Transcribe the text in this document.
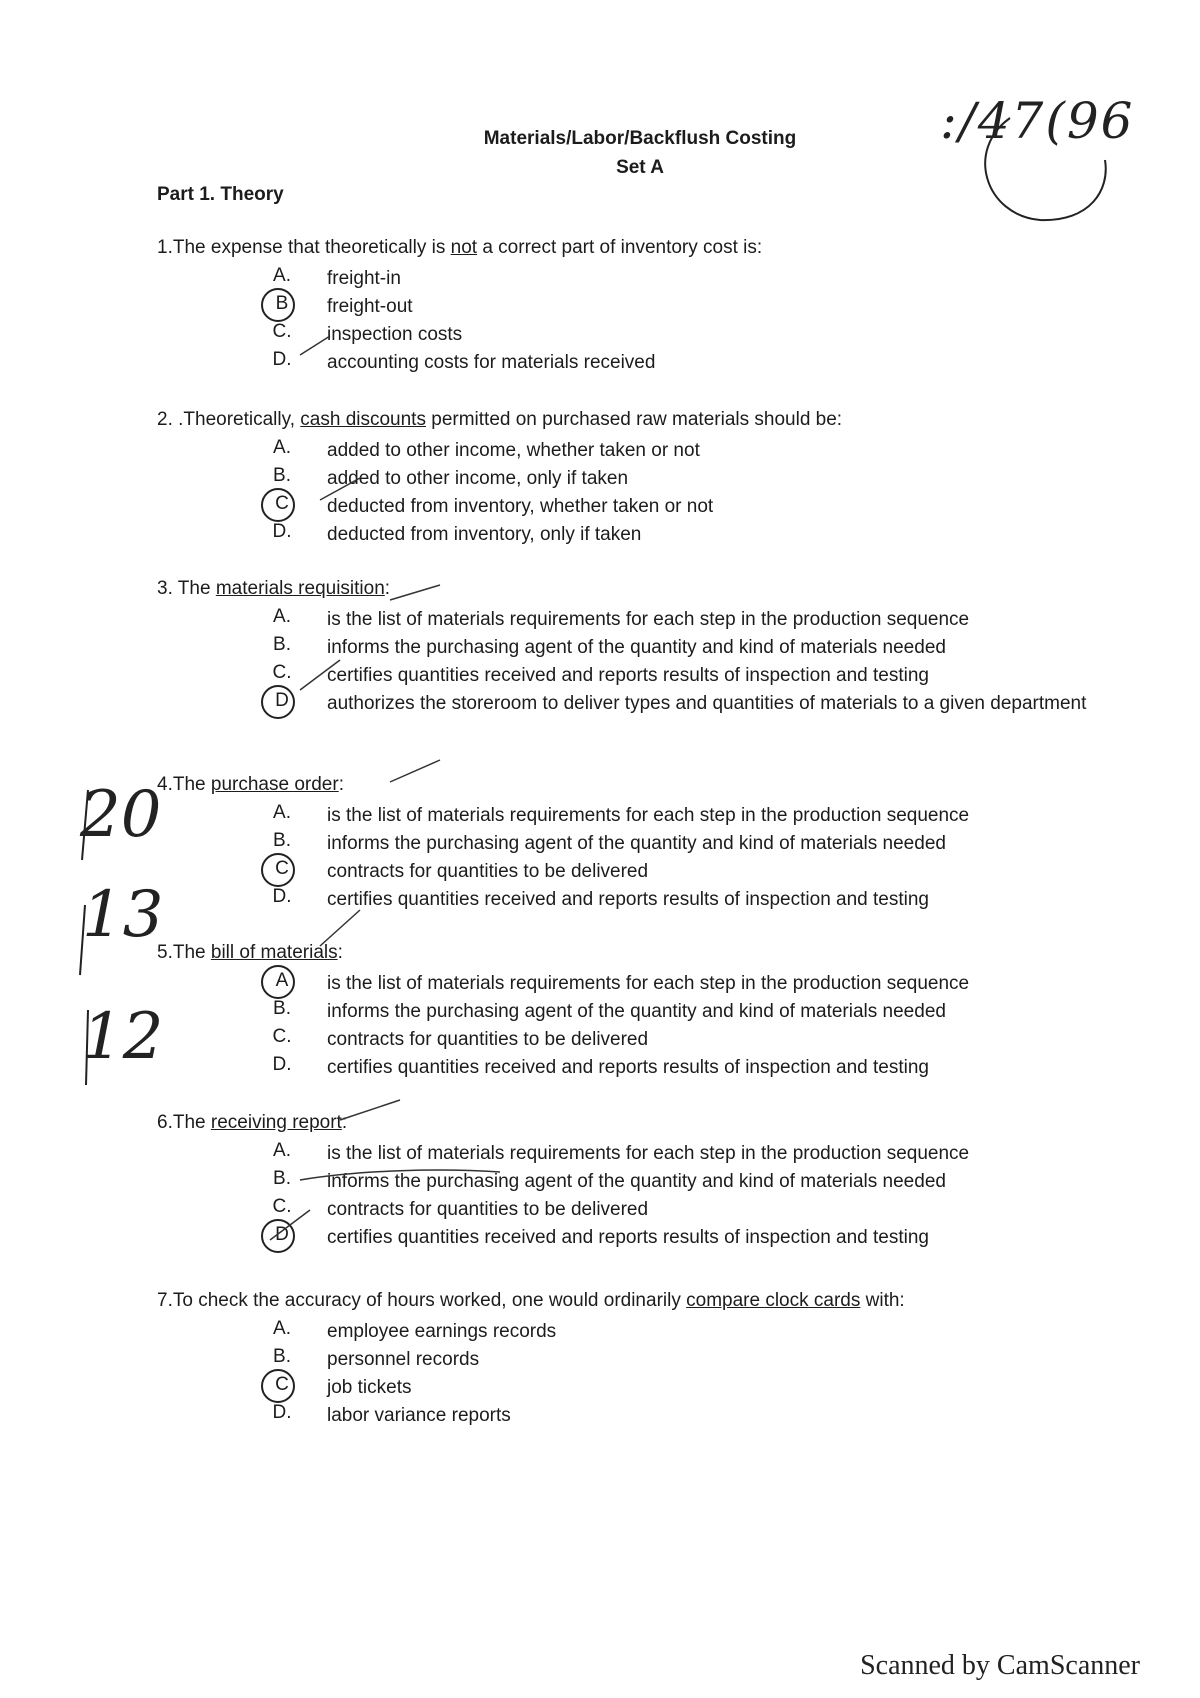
Materials/Labor/Backflush Costing
Set A
Part 1. Theory
:/47(96
20
13
12
1.The expense that theoretically is not a correct part of inventory cost is:
A. freight-in
B freight-out
C. inspection costs
D. accounting costs for materials received
2. .Theoretically, cash discounts permitted on purchased raw materials should be:
A. added to other income, whether taken or not
B. added to other income, only if taken
C deducted from inventory, whether taken or not
D. deducted from inventory, only if taken
3. The materials requisition:
A. is the list of materials requirements for each step in the production sequence
B. informs the purchasing agent of the quantity and kind of materials needed
C. certifies quantities received and reports results of inspection and testing
D authorizes the storeroom to deliver types and quantities of materials to a given department
4.The purchase order:
A. is the list of materials requirements for each step in the production sequence
B. informs the purchasing agent of the quantity and kind of materials needed
C contracts for quantities to be delivered
D. certifies quantities received and reports results of inspection and testing
5.The bill of materials:
A is the list of materials requirements for each step in the production sequence
B. informs the purchasing agent of the quantity and kind of materials needed
C. contracts for quantities to be delivered
D. certifies quantities received and reports results of inspection and testing
6.The receiving report:
A. is the list of materials requirements for each step in the production sequence
B. informs the purchasing agent of the quantity and kind of materials needed
C. contracts for quantities to be delivered
D certifies quantities received and reports results of inspection and testing
7.To check the accuracy of hours worked, one would ordinarily compare clock cards with:
A. employee earnings records
B. personnel records
C job tickets
D. labor variance reports
Scanned by CamScanner
